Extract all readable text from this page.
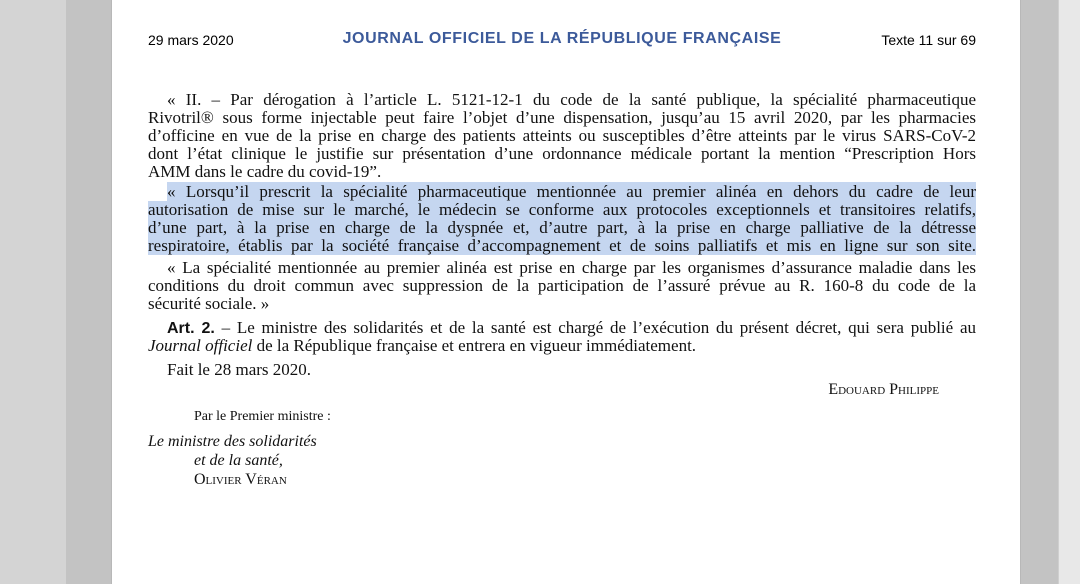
29 mars 2020	JOURNAL OFFICIEL DE LA RÉPUBLIQUE FRANÇAISE	Texte 11 sur 69
« II. – Par dérogation à l’article L. 5121-12-1 du code de la santé publique, la spécialité pharmaceutique
Rivotril® sous forme injectable peut faire l’objet d’une dispensation, jusqu’au 15 avril 2020, par les pharmacies
d’officine en vue de la prise en charge des patients atteints ou susceptibles d’être atteints par le virus SARS-CoV-2
dont l’état clinique le justifie sur présentation d’une ordonnance médicale portant la mention “Prescription Hors
AMM dans le cadre du covid-19”.
« Lorsqu’il prescrit la spécialité pharmaceutique mentionnée au premier alinéa en dehors du cadre de leur
autorisation de mise sur le marché, le médecin se conforme aux protocoles exceptionnels et transitoires relatifs,
d’une part, à la prise en charge de la dyspnée et, d’autre part, à la prise en charge palliative de la détresse
respiratoire, établis par la société française d’accompagnement et de soins palliatifs et mis en ligne sur son site.
« La spécialité mentionnée au premier alinéa est prise en charge par les organismes d’assurance maladie dans les
conditions du droit commun avec suppression de la participation de l’assuré prévue au R. 160-8 du code de la
sécurité sociale. »
Art. 2. – Le ministre des solidarités et de la santé est chargé de l’exécution du présent décret, qui sera publié au
Journal officiel de la République française et entrera en vigueur immédiatement.
Fait le 28 mars 2020.
Edouard Philippe
Par le Premier ministre :
Le ministre des solidarités
et de la santé,
Olivier Véran
